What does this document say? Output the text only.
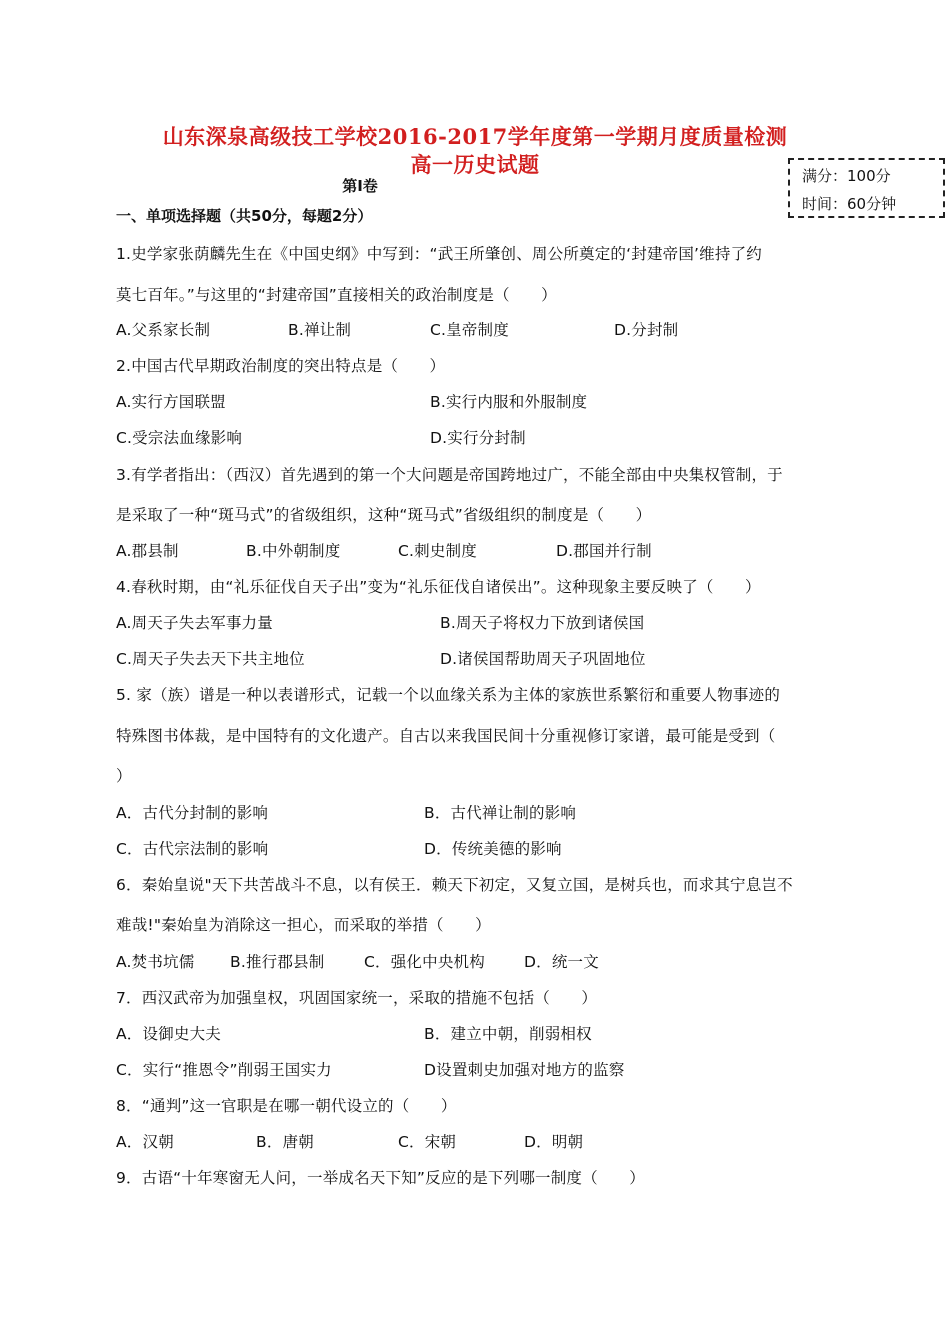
山东深泉高级技工学校2016-2017学年度第一学期月度质量检测
高一历史试题	满分：100分
时间：60分钟
第Ⅰ卷
一、单项选择题（共50分，每题2分）
1.史学家张荫麟先生在《中国史纲》中写到：“武王所肇创、周公所奠定的‘封建帝国’维持了约
莫七百年。”与这里的“封建帝国”直接相关的政治制度是（　　）
A.父系家长制	B.禅让制	C.皇帝制度	D.分封制
2.中国古代早期政治制度的突出特点是（　　）
A.实行方国联盟	B.实行内服和外服制度
C.受宗法血缘影响	D.实行分封制
3.有学者指出：（西汉）首先遇到的第一个大问题是帝国跨地过广，不能全部由中央集权管制，于
是采取了一种“斑马式”的省级组织，这种“斑马式”省级组织的制度是（　　）
A.郡县制	B.中外朝制度	C.刺史制度	D.郡国并行制
4.春秋时期，由“礼乐征伐自天子出”变为“礼乐征伐自诸侯出”。这种现象主要反映了（　　）
A.周天子失去军事力量	B.周天子将权力下放到诸侯国
C.周天子失去天下共主地位	D.诸侯国帮助周天子巩固地位
5. 家（族）谱是一种以表谱形式，记载一个以血缘关系为主体的家族世系繁衍和重要人物事迹的
特殊图书体裁，是中国特有的文化遗产。自古以来我国民间十分重视修订家谱，最可能是受到（
）
A．古代分封制的影响	B．古代禅让制的影响
C．古代宗法制的影响	D．传统美德的影响
6．秦始皇说"天下共苦战斗不息，以有侯王．赖天下初定，又复立国，是树兵也，而求其宁息岂不
难哉!"秦始皇为消除这一担心，而采取的举措（　　）
A.焚书坑儒 B.推行郡县制	C．强化中央机构	D．统一文
7．西汉武帝为加强皇权，巩固国家统一，采取的措施不包括（　　）
A．设御史大夫	B．建立中朝，削弱相权
C．实行“推恩令”削弱王国实力	D设置刺史加强对地方的监察
8．“通判”这一官职是在哪一朝代设立的（　　）
A．汉朝	B．唐朝	C．宋朝	D．明朝
9．古语“十年寒窗无人问，一举成名天下知”反应的是下列哪一制度（　　）
